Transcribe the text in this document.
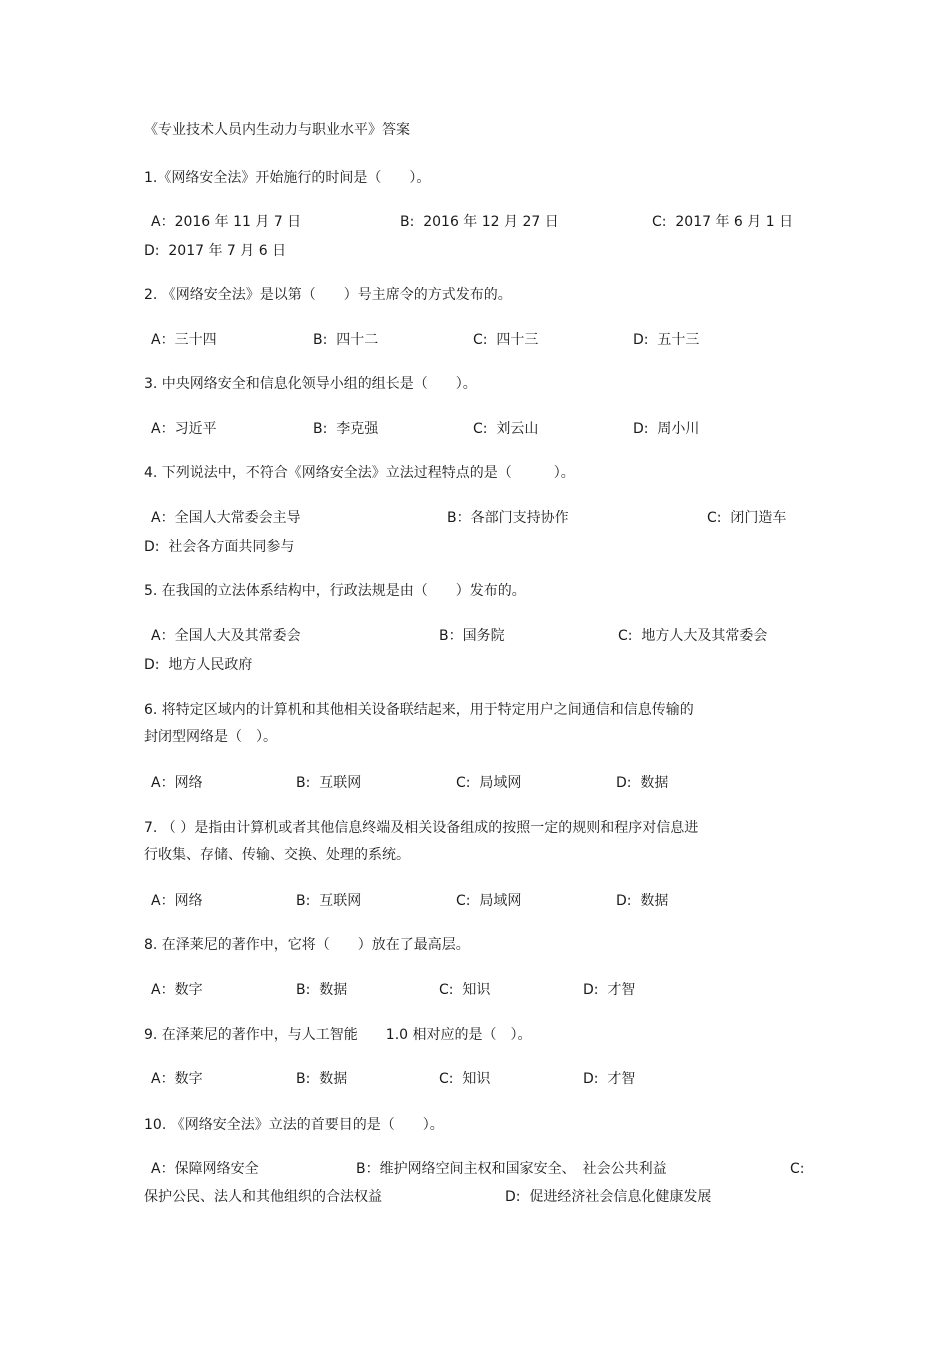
《专业技术人员内生动力与职业水平》答案
1.《网络安全法》开始施行的时间是（　　）。
A：2016 年 11 月 7 日	B:  2016 年 12 月 27 日	C:  2017 年 6 月 1 日
D:  2017 年 7 月 6 日
2. 《网络安全法》是以第（　　）号主席令的方式发布的。
A：三十四	B:  四十二	C:  四十三	D:  五十三
3. 中央网络安全和信息化领导小组的组长是（　　）。
A：习近平	B:  李克强	C:  刘云山	D:  周小川
4. 下列说法中，不符合《网络安全法》立法过程特点的是（　　　）。
A：全国人大常委会主导	B：各部门支持协作	C:  闭门造车
D:  社会各方面共同参与
5. 在我国的立法体系结构中，行政法规是由（　　）发布的。
A：全国人大及其常委会	B：国务院	C:  地方人大及其常委会
D:  地方人民政府
6. 将特定区域内的计算机和其他相关设备联结起来，用于特定用户之间通信和信息传输的
封闭型网络是（　）。
A：网络	B:  互联网	C:  局域网	D:  数据
7. （ ）是指由计算机或者其他信息终端及相关设备组成的按照一定的规则和程序对信息进
行收集、存储、传输、交换、处理的系统。
A：网络	B:  互联网	C:  局域网	D:  数据
8. 在泽莱尼的著作中，它将（　　）放在了最高层。
A：数字	B:  数据	C:  知识	D:  才智
9. 在泽莱尼的著作中，与人工智能　　1.0 相对应的是（　）。
A：数字	B:  数据	C:  知识	D:  才智
10. 《网络安全法》立法的首要目的是（　　）。
A：保障网络安全	B：维护网络空间主权和国家安全、　社会公共利益	C:
保护公民、法人和其他组织的合法权益	D:  促进经济社会信息化健康发展
